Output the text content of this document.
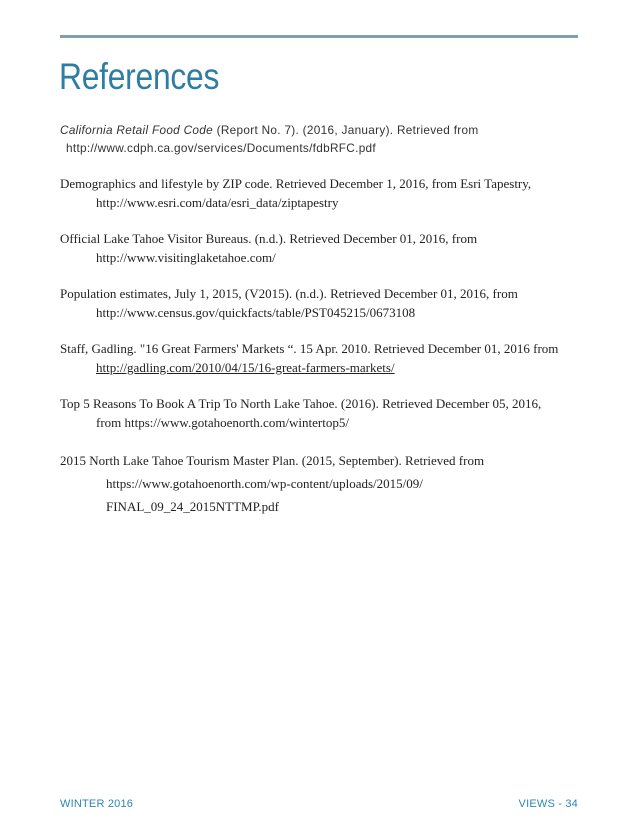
References
California Retail Food Code (Report No. 7). (2016, January). Retrieved from
http://www.cdph.ca.gov/services/Documents/fdbRFC.pdf
Demographics and lifestyle by ZIP code. Retrieved December 1, 2016, from Esri Tapestry,
http://www.esri.com/data/esri_data/ziptapestry
Official Lake Tahoe Visitor Bureaus. (n.d.). Retrieved December 01, 2016, from
http://www.visitinglaketahoe.com/
Population estimates, July 1, 2015, (V2015). (n.d.). Retrieved December 01, 2016, from
http://www.census.gov/quickfacts/table/PST045215/0673108
Staff, Gadling. "16 Great Farmers' Markets “. 15 Apr. 2010. Retrieved December 01, 2016 from
http://gadling.com/2010/04/15/16-great-farmers-markets/
Top 5 Reasons To Book A Trip To North Lake Tahoe. (2016). Retrieved December 05, 2016,
from https://www.gotahoenorth.com/wintertop5/
2015 North Lake Tahoe Tourism Master Plan. (2015, September). Retrieved from
https://www.gotahoenorth.com/wp-content/uploads/2015/09/
FINAL_09_24_2015NTTMP.pdf
WINTER 2016	VIEWS - 34
